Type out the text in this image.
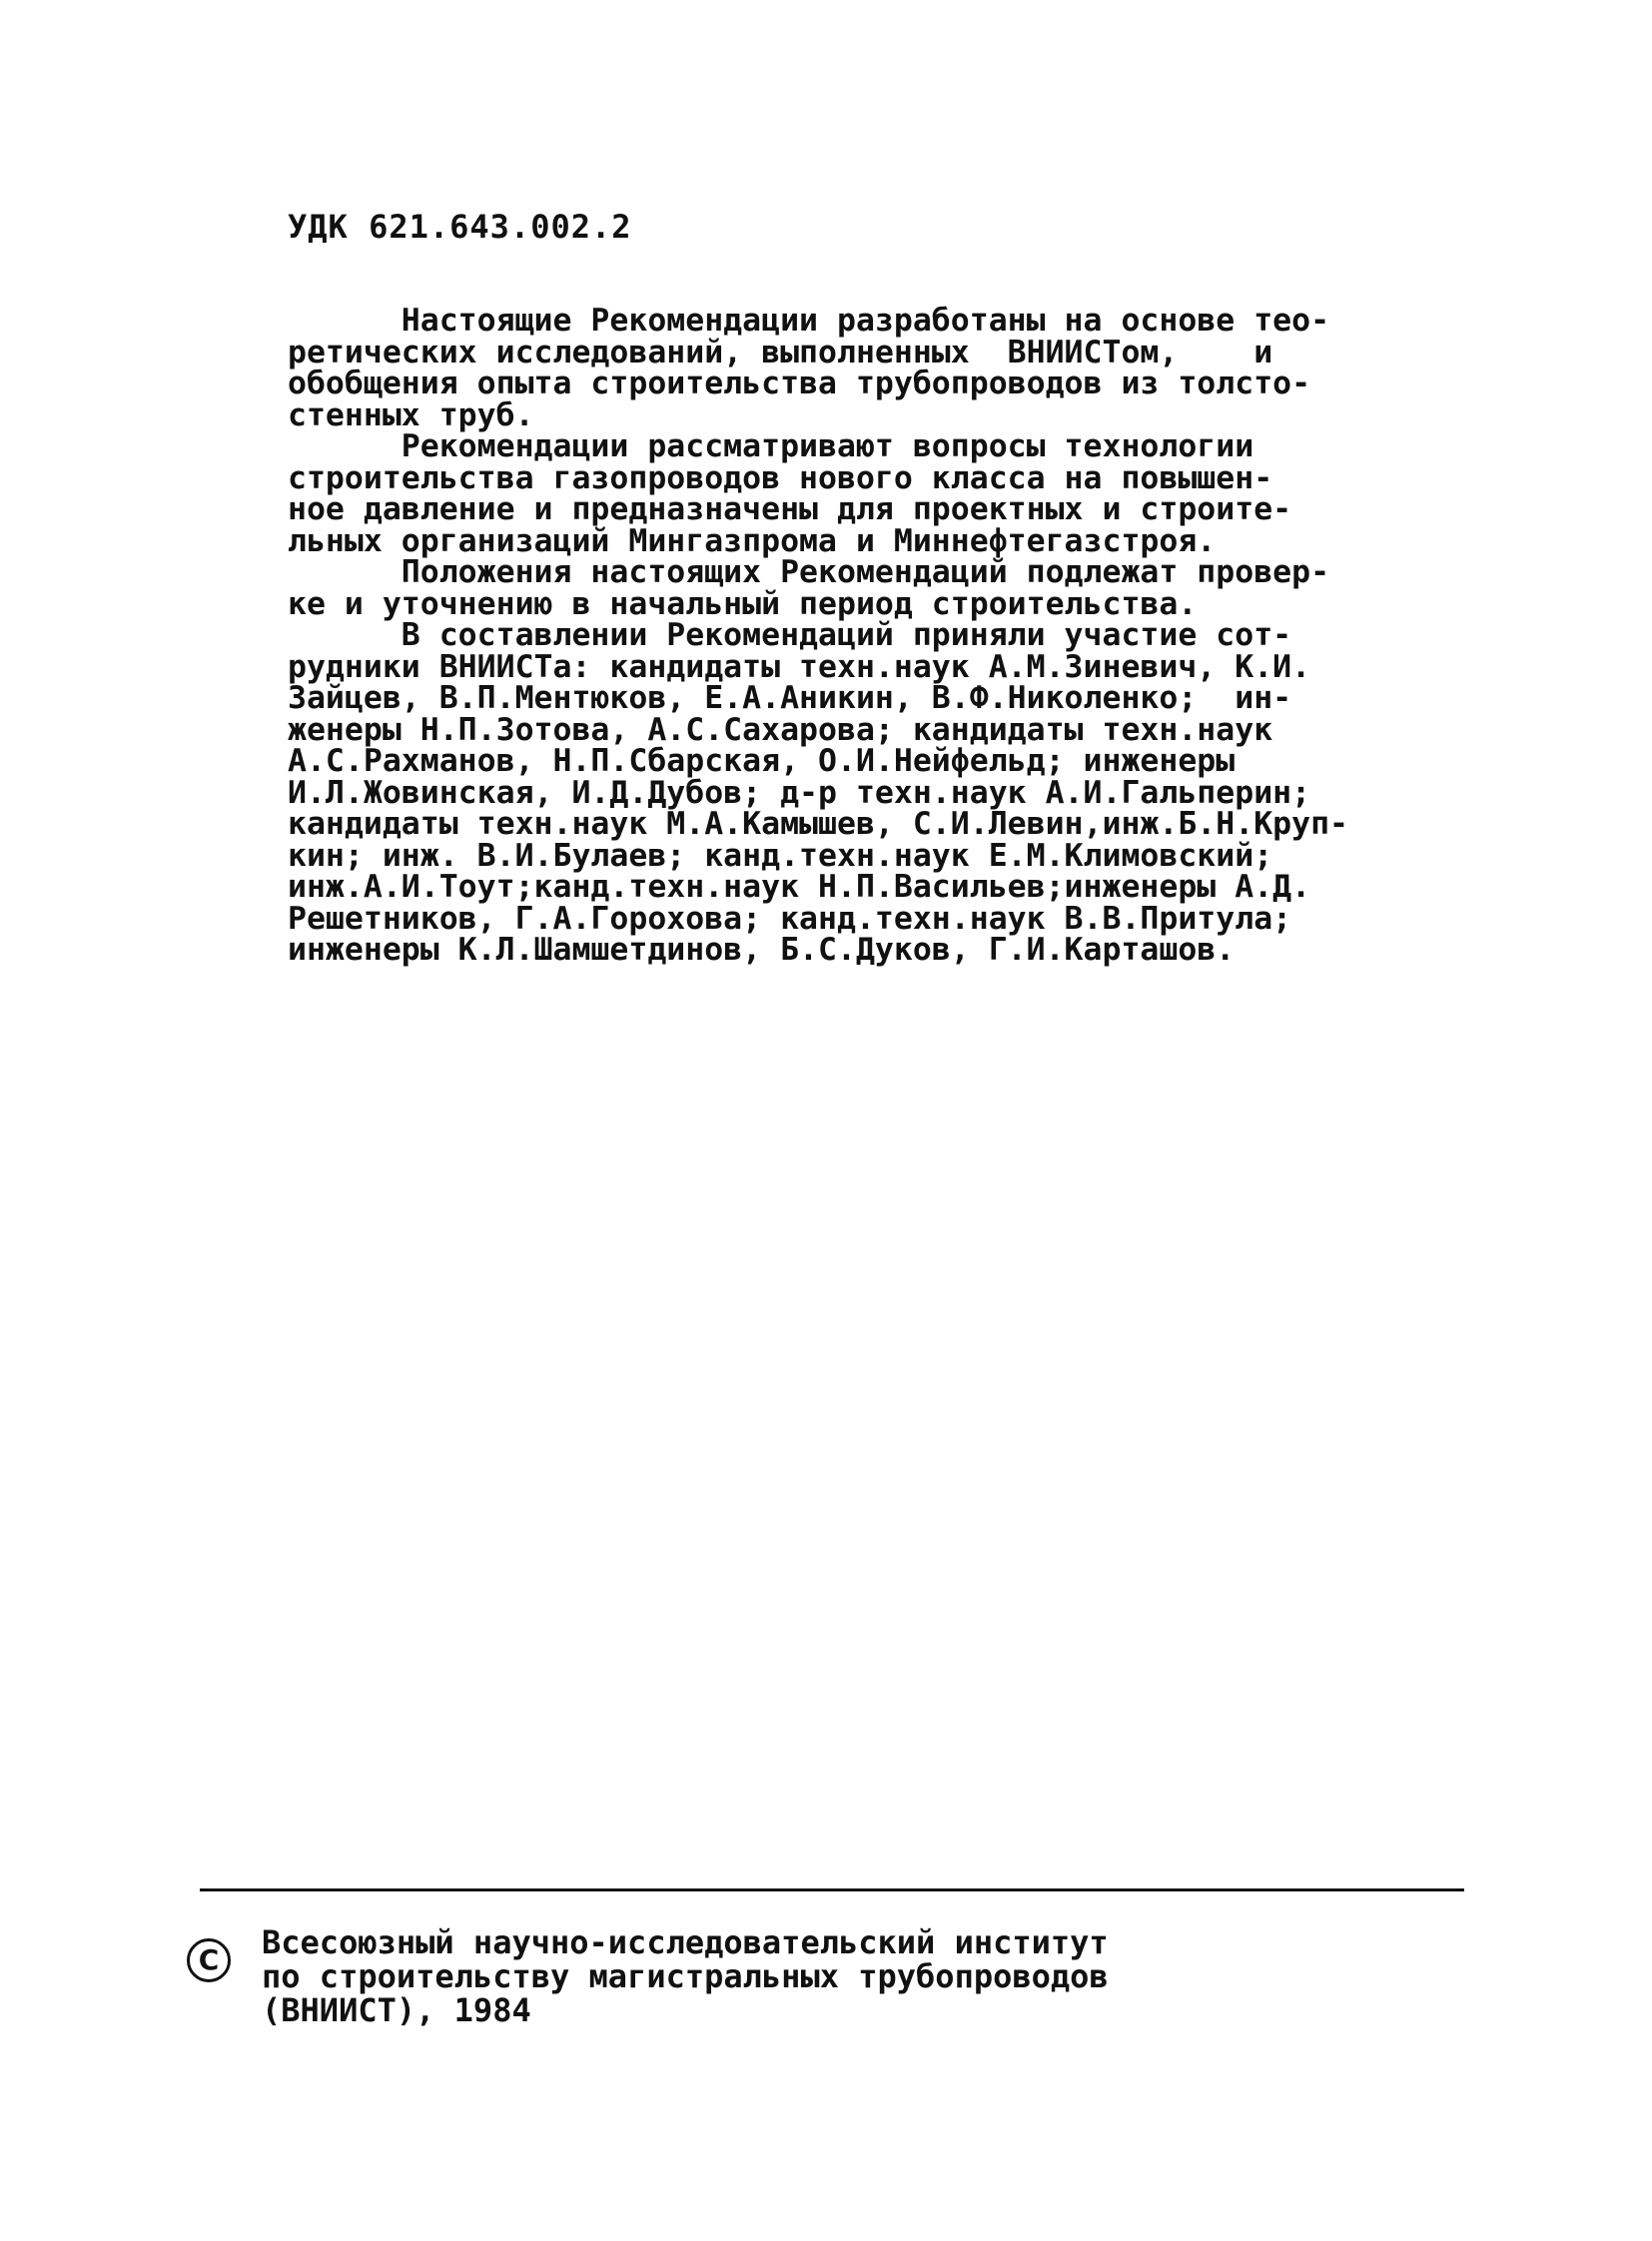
УДК 621.643.002.2
Настоящие Рекомендации разработаны на основе тео-
ретических исследований, выполненных  ВНИИСТом,    и
обобщения опыта строительства трубопроводов из толсто-
стенных труб.
Рекомендации рассматривают вопросы технологии
строительства газопроводов нового класса на повышен-
ное давление и предназначены для проектных и строите-
льных организаций Мингазпрома и Миннефтегазстроя.
Положения настоящих Рекомендаций подлежат провер-
ке и уточнению в начальный период строительства.
В составлении Рекомендаций приняли участие сот-
рудники ВНИИСТа: кандидаты техн.наук А.М.Зиневич, К.И.
Зайцев, В.П.Ментюков, Е.А.Аникин, В.Ф.Николенко;  ин-
женеры Н.П.Зотова, А.С.Сахарова; кандидаты техн.наук
А.С.Рахманов, Н.П.Сбарская, О.И.Нейфельд; инженеры
И.Л.Жовинская, И.Д.Дубов; д-р техн.наук А.И.Гальперин;
кандидаты техн.наук М.А.Камышев, С.И.Левин,инж.Б.Н.Круп-
кин; инж. В.И.Булаев; канд.техн.наук Е.М.Климовский;
инж.А.И.Тоут;канд.техн.наук Н.П.Васильев;инженеры А.Д.
Решетников, Г.А.Горохова; канд.техн.наук В.В.Притула;
инженеры К.Л.Шамшетдинов, Б.С.Дуков, Г.И.Карташов.
C	Всесоюзный научно-исследовательский институт
по строительству магистральных трубопроводов
(ВНИИСТ), 1984
